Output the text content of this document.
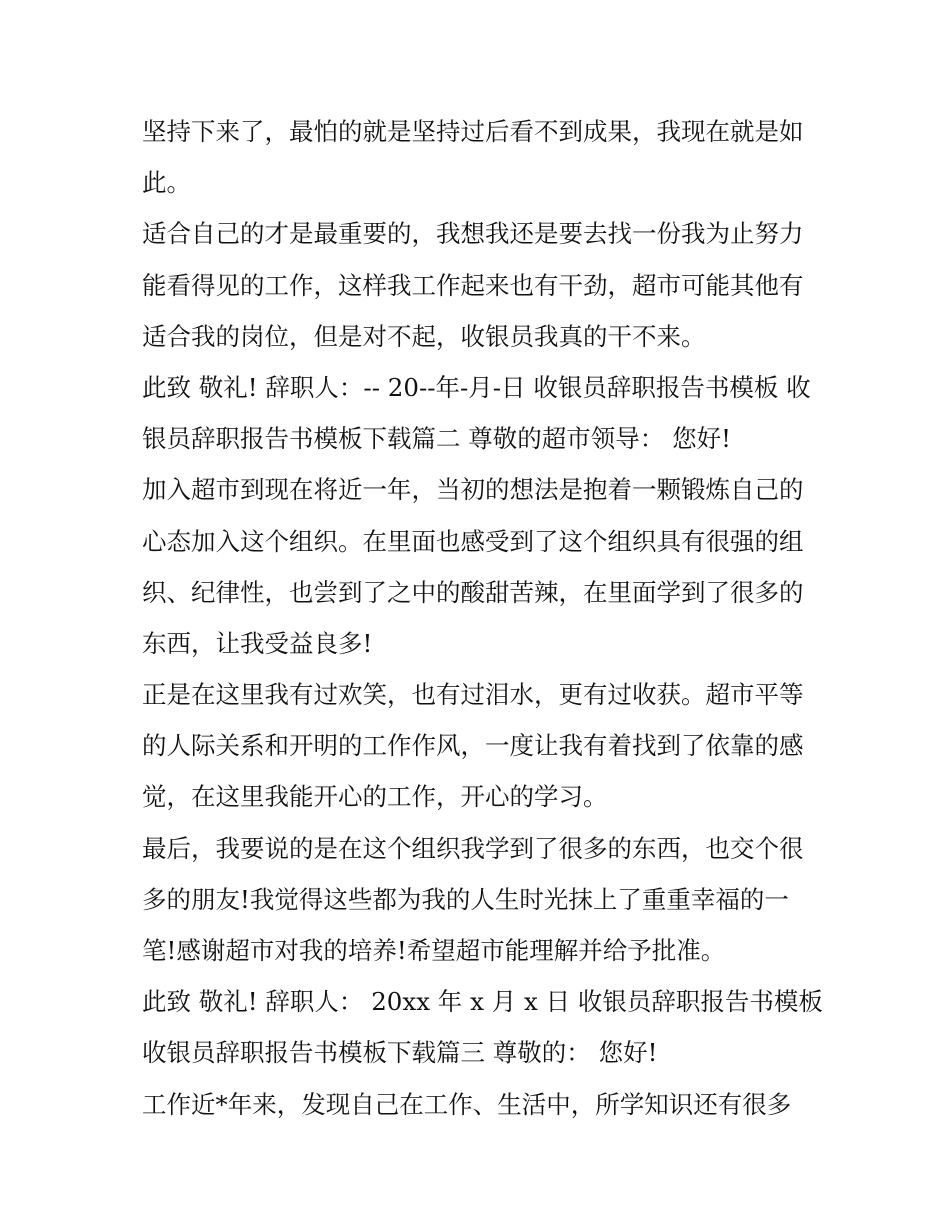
坚持下来了，最怕的就是坚持过后看不到成果，我现在就是如
此。
适合自己的才是最重要的，我想我还是要去找一份我为止努力
能看得见的工作，这样我工作起来也有干劲，超市可能其他有
适合我的岗位，但是对不起，收银员我真的干不来。
此致 敬礼! 辞职人：-- 20--年-月-日 收银员辞职报告书模板 收
银员辞职报告书模板下载篇二 尊敬的超市领导： 您好!
加入超市到现在将近一年，当初的想法是抱着一颗锻炼自己的
心态加入这个组织。在里面也感受到了这个组织具有很强的组
织、纪律性，也尝到了之中的酸甜苦辣，在里面学到了很多的
东西，让我受益良多!
正是在这里我有过欢笑，也有过泪水，更有过收获。超市平等
的人际关系和开明的工作作风，一度让我有着找到了依靠的感
觉，在这里我能开心的工作，开心的学习。
最后，我要说的是在这个组织我学到了很多的东西，也交个很
多的朋友!我觉得这些都为我的人生时光抹上了重重幸福的一
笔!感谢超市对我的培养!希望超市能理解并给予批准。
此致 敬礼! 辞职人： 20xx 年 x 月 x 日 收银员辞职报告书模板
收银员辞职报告书模板下载篇三 尊敬的： 您好!
工作近*年来，发现自己在工作、生活中，所学知识还有很多
